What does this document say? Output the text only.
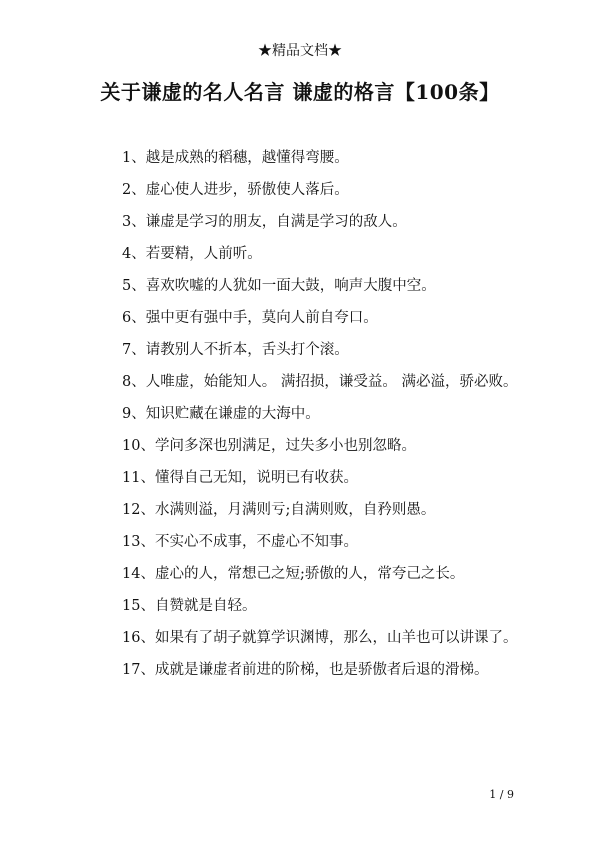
★精品文档★
关于谦虚的名人名言 谦虚的格言【100条】
1、越是成熟的稻穗，越懂得弯腰。
2、虚心使人进步，骄傲使人落后。
3、谦虚是学习的朋友，自满是学习的敌人。
4、若要精，人前听。
5、喜欢吹嘘的人犹如一面大鼓，响声大腹中空。
6、强中更有强中手，莫向人前自夸口。
7、请教别人不折本，舌头打个滚。
8、人唯虚，始能知人。 满招损，谦受益。 满必溢，骄必败。
9、知识贮藏在谦虚的大海中。
10、学问多深也别满足，过失多小也别忽略。
11、懂得自己无知，说明已有收获。
12、水满则溢，月满则亏;自满则败，自矜则愚。
13、不实心不成事，不虚心不知事。
14、虚心的人，常想己之短;骄傲的人，常夸己之长。
15、自赞就是自轻。
16、如果有了胡子就算学识渊博，那么，山羊也可以讲课了。
17、成就是谦虚者前进的阶梯，也是骄傲者后退的滑梯。
1 / 9
